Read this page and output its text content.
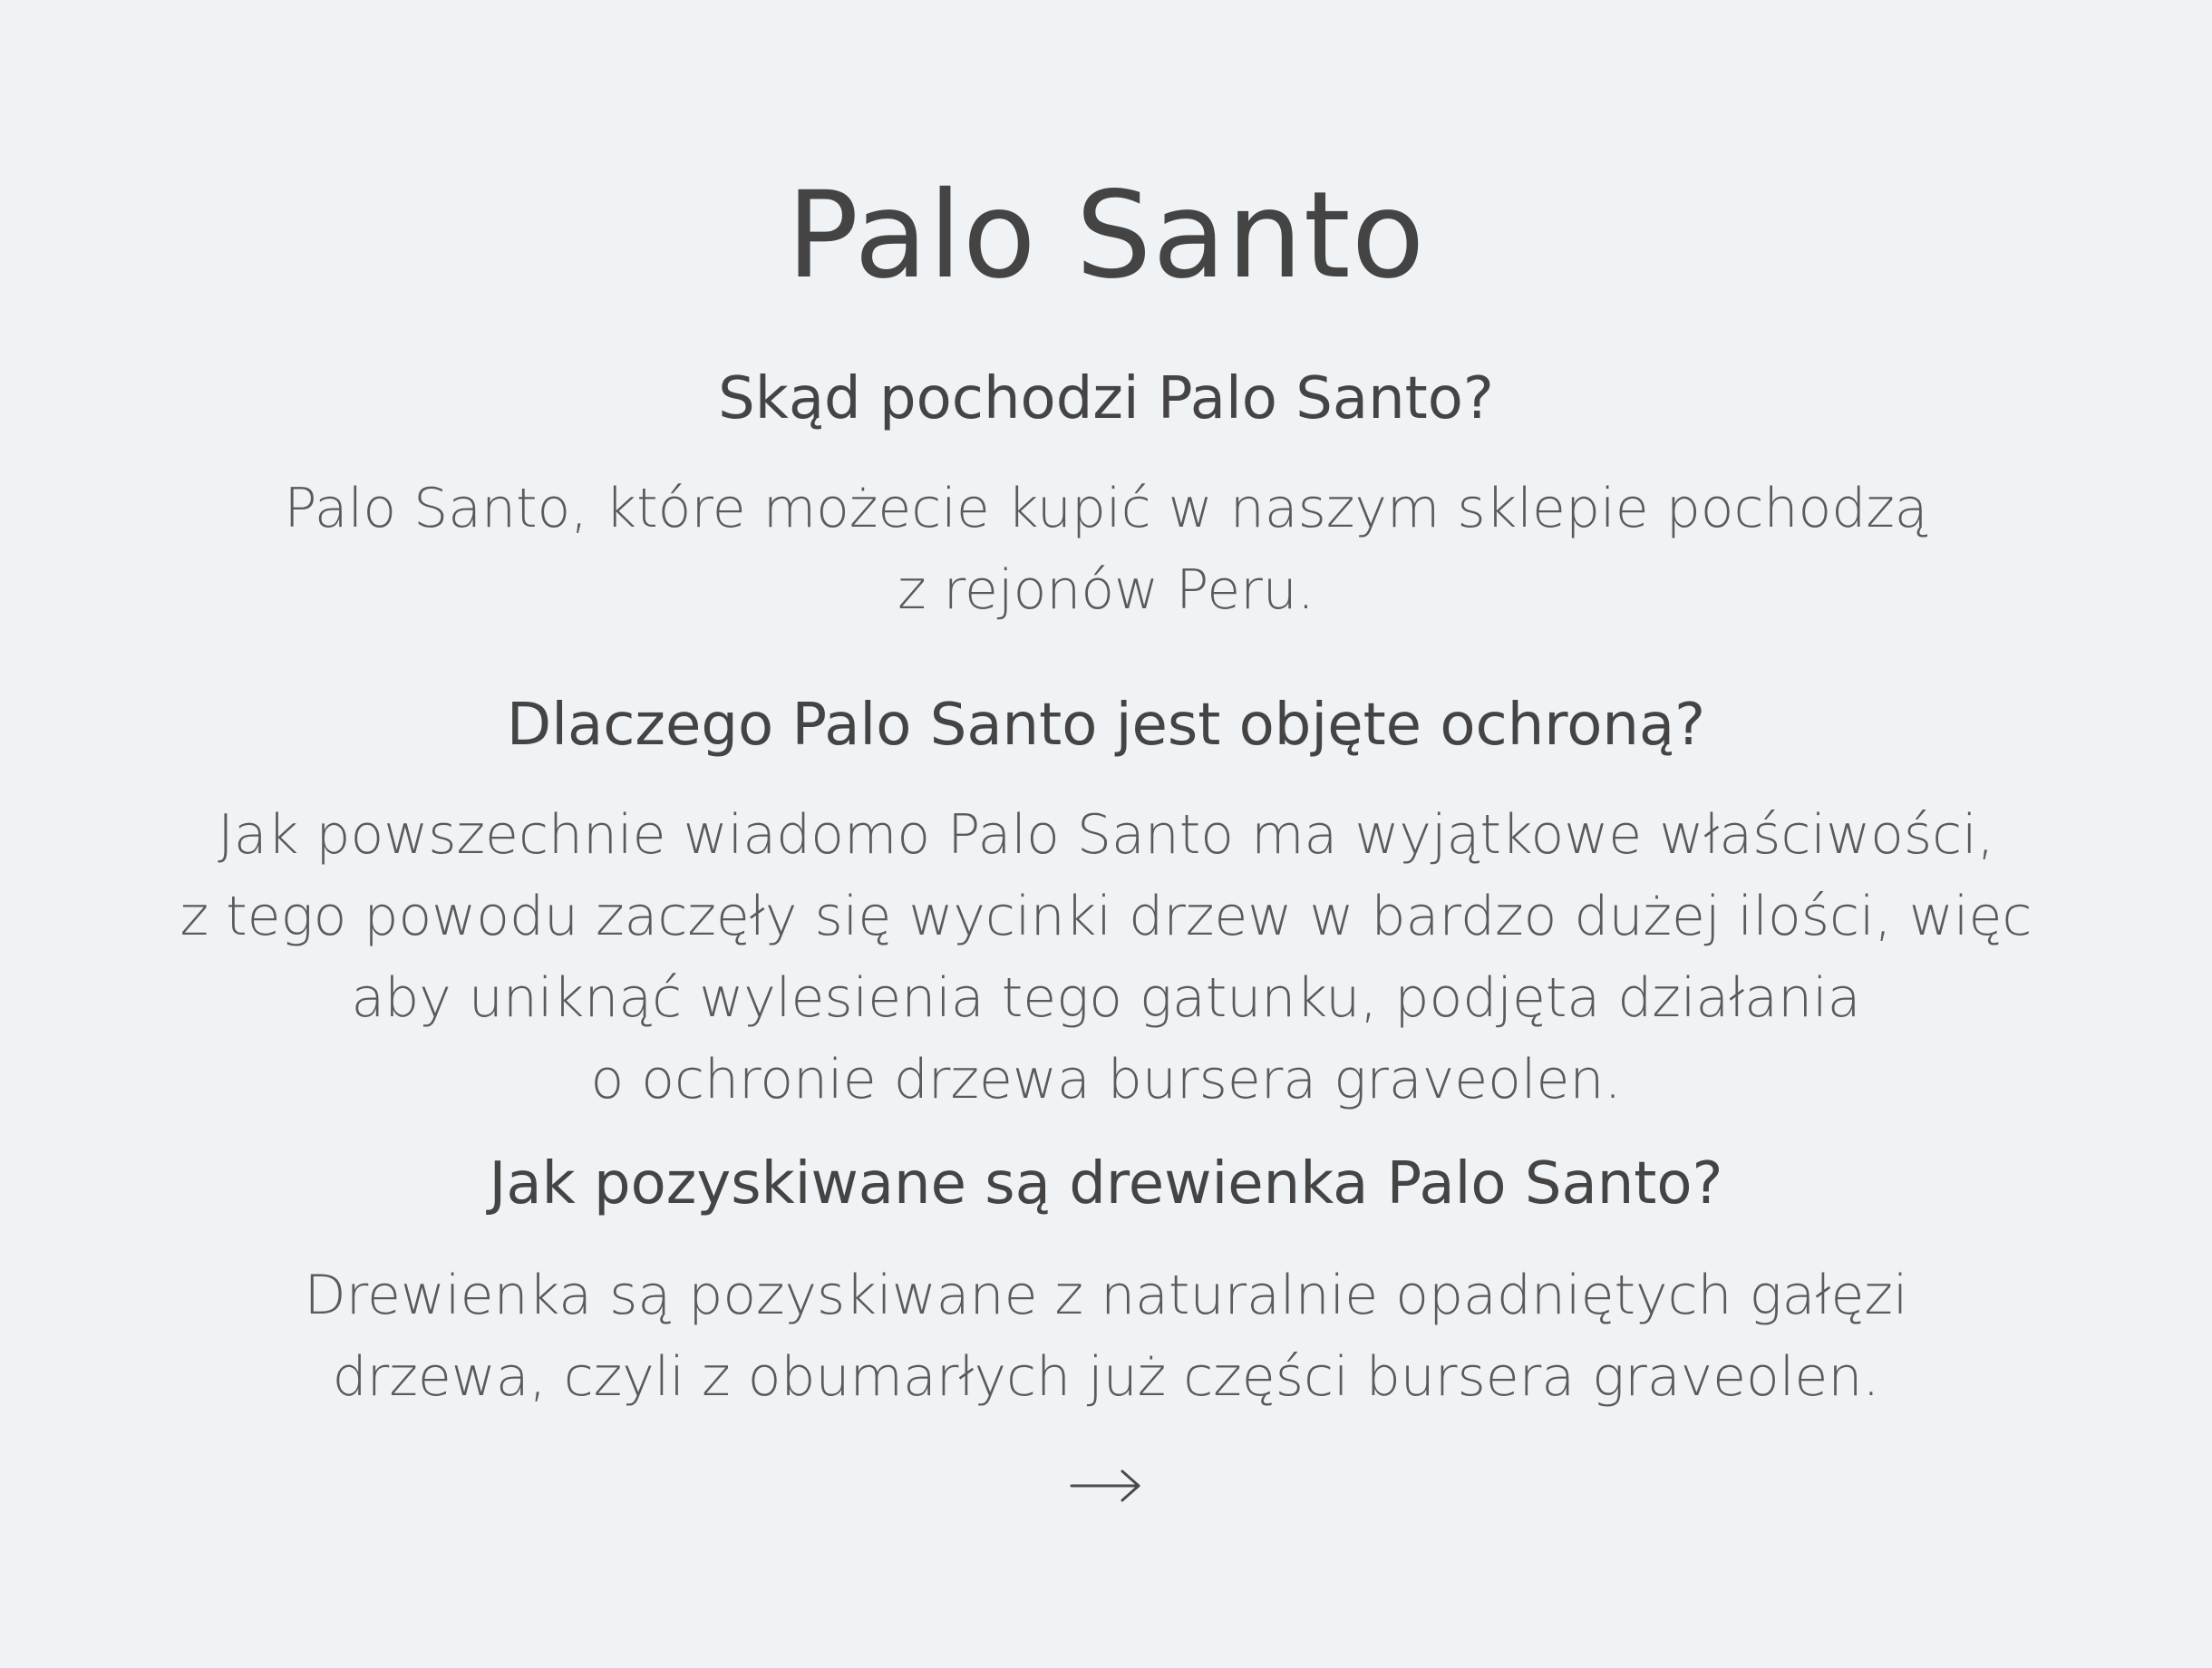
Palo Santo
Skąd pochodzi Palo Santo?

Palo Santo, które możecie kupić w naszym sklepie pochodzą
z rejonów Peru.

Dlaczego Palo Santo jest objęte ochroną?

Jak powszechnie wiadomo Palo Santo ma wyjątkowe właściwości,
z tego powodu zaczęły się wycinki drzew w bardzo dużej ilości, więc
aby uniknąć wylesienia tego gatunku, podjęta działania
o ochronie drzewa bursera graveolen.

Jak pozyskiwane są drewienka Palo Santo?

Drewienka są pozyskiwane z naturalnie opadniętych gałęzi
drzewa, czyli z obumarłych już części bursera graveolen.
